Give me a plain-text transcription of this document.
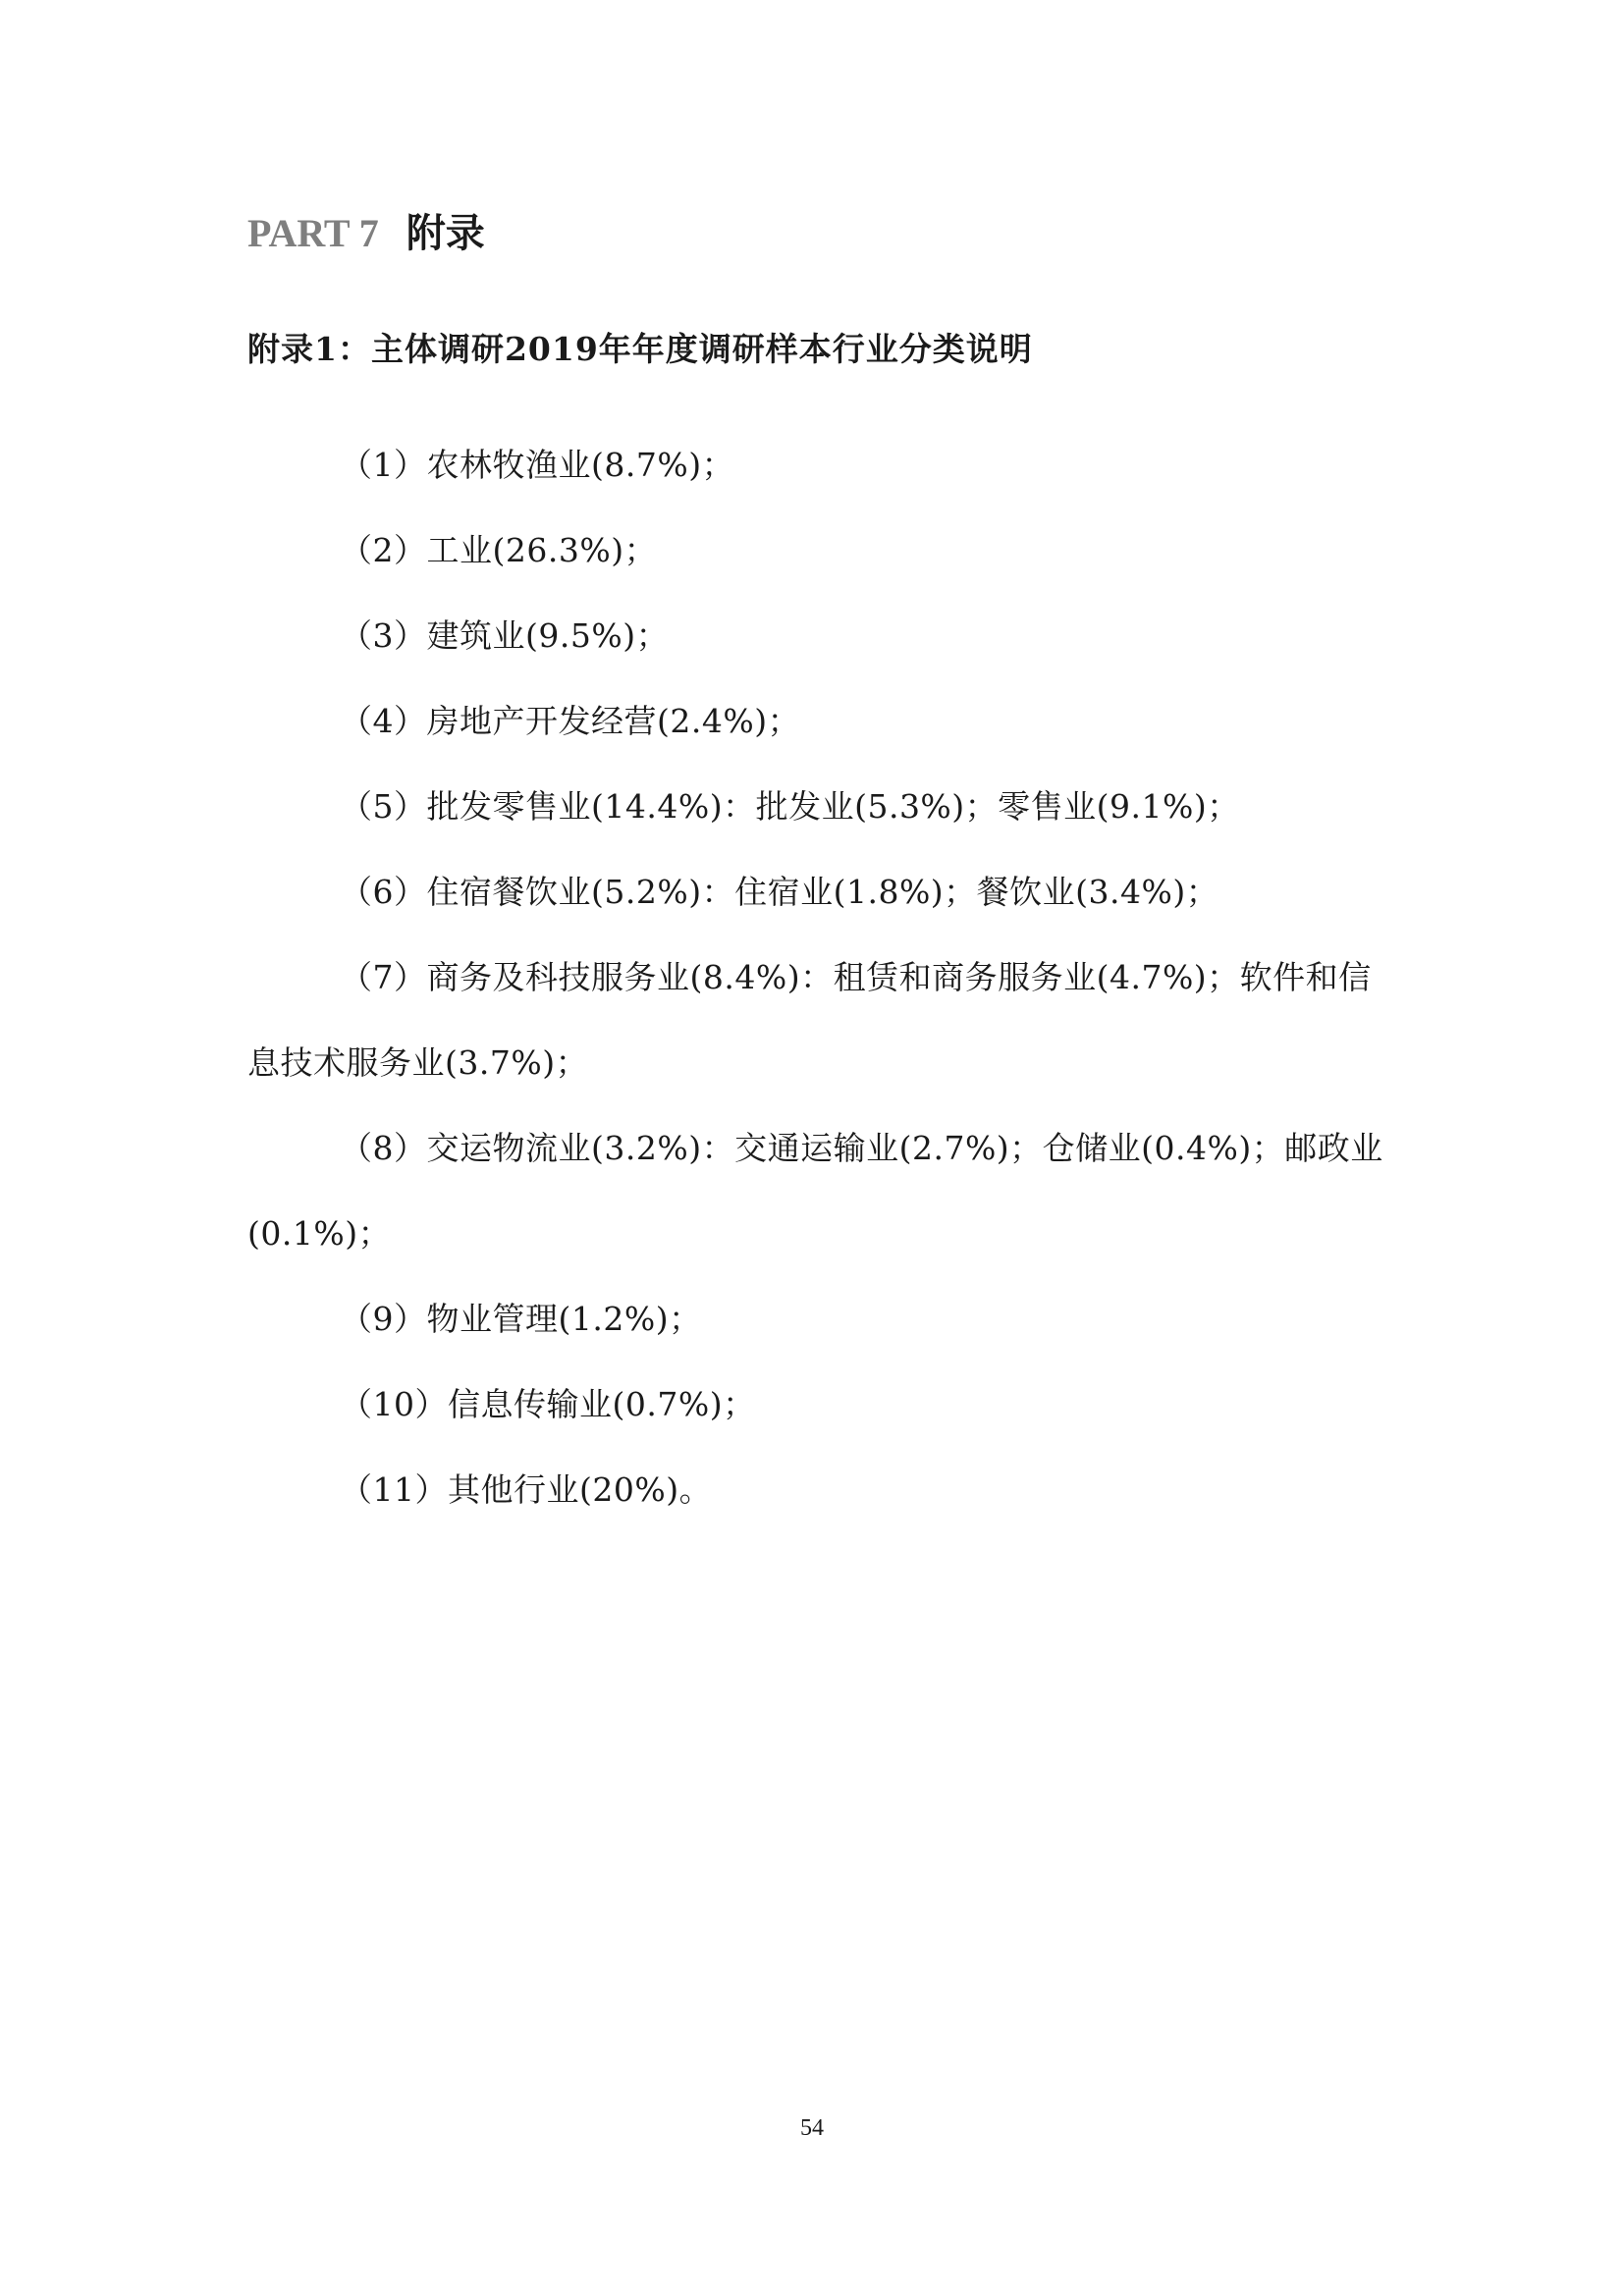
PART 7 附录
附录1：主体调研2019年年度调研样本行业分类说明
（1）农林牧渔业(8.7%)；
（2）工业(26.3%)；
（3）建筑业(9.5%)；
（4）房地产开发经营(2.4%)；
（5）批发零售业(14.4%)：批发业(5.3%)；零售业(9.1%)；
（6）住宿餐饮业(5.2%)：住宿业(1.8%)；餐饮业(3.4%)；
（7）商务及科技服务业(8.4%)：租赁和商务服务业(4.7%)；软件和信息技术服务业(3.7%)；
（8）交运物流业(3.2%)：交通运输业(2.7%)；仓储业(0.4%)；邮政业(0.1%)；
（9）物业管理(1.2%)；
（10）信息传输业(0.7%)；
（11）其他行业(20%)。
54
